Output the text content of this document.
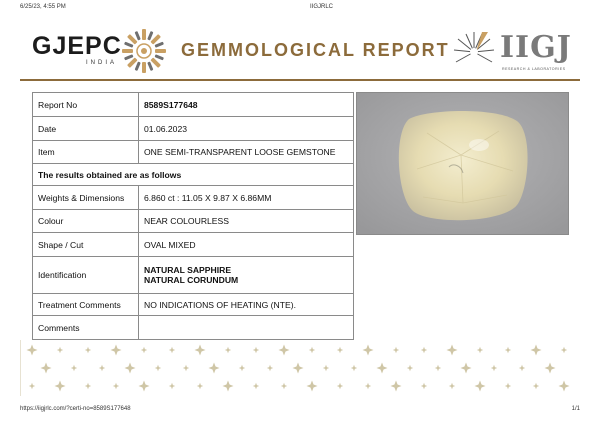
6/25/23, 4:55 PM	IIGJRLC
GJEPC
INDIA
GEMMOLOGICAL REPORT IIGJ
RESEARCH & LABORATORIES
Report No	8589S177648
Date	01.06.2023
Item	ONE SEMI-TRANSPARENT LOOSE GEMSTONE
The results obtained are as follows	
Weights & Dimensions	6.860 ct : 11.05 X 9.87 X 6.86MM
Colour	NEAR COLOURLESS
Shape / Cut	OVAL MIXED
Identification	NATURAL SAPPHIRE
NATURAL CORUNDUM

Treatment Comments	NO INDICATIONS OF HEATING (NTE).
Comments	
https://iigjrlc.com/?certi-no=8589S177648	1/1
